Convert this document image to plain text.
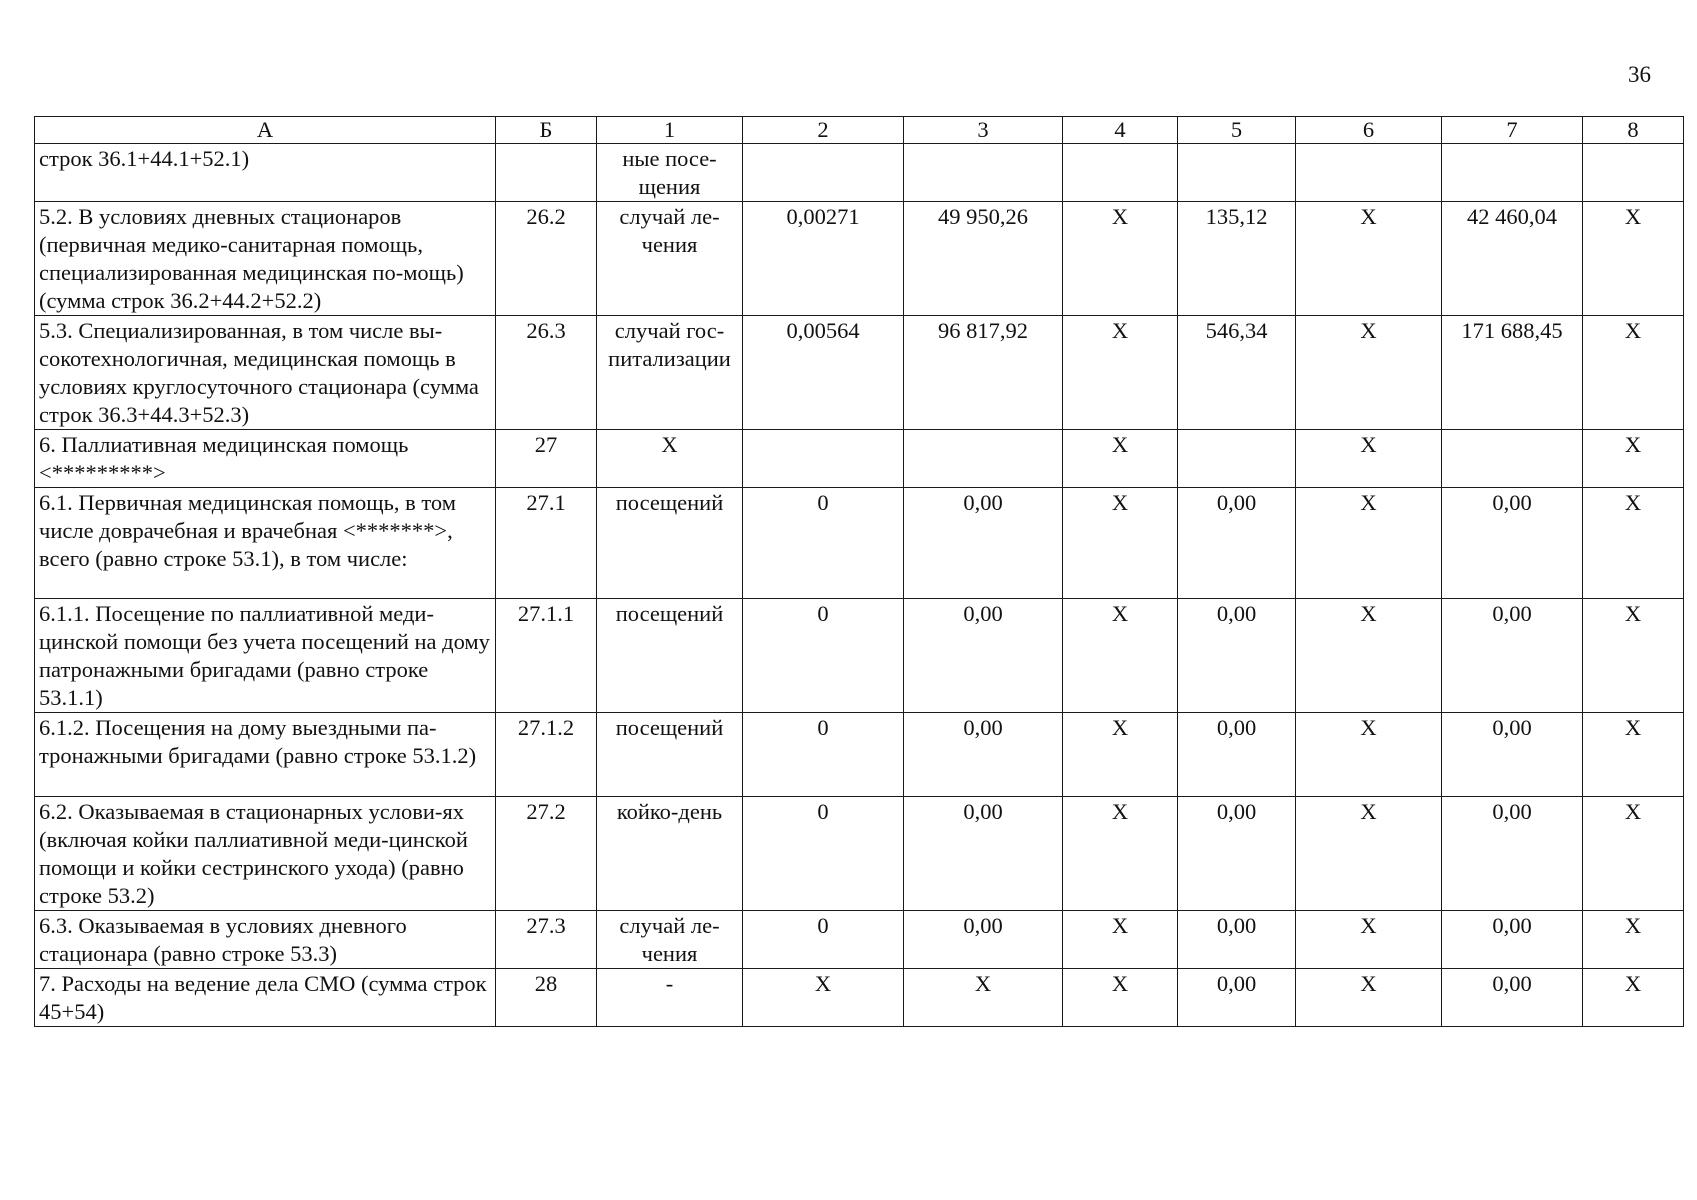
36
А	Б	1	2	3	4	5	6	7	8
строк 36.1+44.1+52.1)		ные посе-щения							
5.2. В условиях дневных стационаров (первичная медико-санитарная помощь, специализированная медицинская по-мощь) (сумма строк 36.2+44.2+52.2)	26.2	случай ле-чения	0,00271	49 950,26	Х	135,12	Х	42 460,04	Х
5.3. Специализированная, в том числе вы-сокотехнологичная, медицинская помощь в условиях круглосуточного стационара (сумма строк 36.3+44.3+52.3)	26.3	случай гос-питализации	0,00564	96 817,92	Х	546,34	Х	171 688,45	Х
6. Паллиативная медицинская помощь <*********>	27	Х			Х		Х		Х
6.1. Первичная медицинская помощь, в том числе доврачебная и врачебная <*******>, всего (равно строке 53.1), в том числе:	27.1	посещений	0	0,00	Х	0,00	Х	0,00	Х
6.1.1. Посещение по паллиативной меди-цинской помощи без учета посещений на дому патронажными бригадами (равно строке 53.1.1)	27.1.1	посещений	0	0,00	Х	0,00	Х	0,00	Х
6.1.2. Посещения на дому выездными па-тронажными бригадами (равно строке 53.1.2)	27.1.2	посещений	0	0,00	Х	0,00	Х	0,00	Х
6.2. Оказываемая в стационарных услови-ях (включая койки паллиативной меди-цинской помощи и койки сестринского ухода) (равно строке 53.2)	27.2	койко-день	0	0,00	Х	0,00	Х	0,00	Х
6.3. Оказываемая в условиях дневного стационара (равно строке 53.3)	27.3	случай ле-чения	0	0,00	Х	0,00	Х	0,00	Х
7. Расходы на ведение дела СМО (сумма строк 45+54)	28	-	Х	Х	Х	0,00	Х	0,00	Х
